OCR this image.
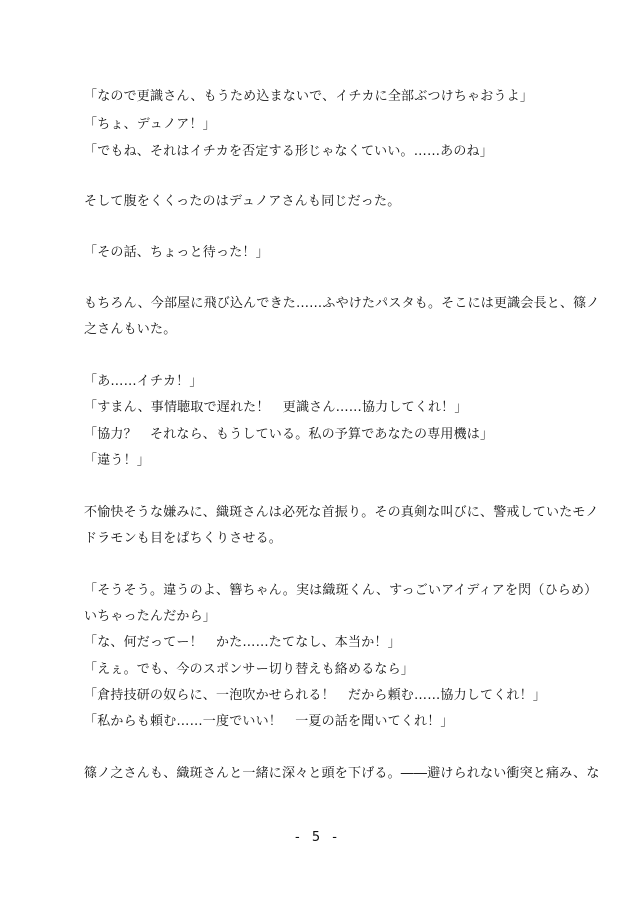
「なので更識さん、もうため込まないで、イチカに全部ぶつけちゃおうよ」
「ちょ、デュノア！」
「でもね、それはイチカを否定する形じゃなくていい。……あのね」
そして腹をくくったのはデュノアさんも同じだった。
「その話、ちょっと待った！」
もちろん、今部屋に飛び込んできた……ふやけたパスタも。そこには更識会長と、篠ノ
之さんもいた。
「あ……イチカ！」
「すまん、事情聴取で遅れた！　更識さん……協力してくれ！」
「協力？　それなら、もうしている。私の予算であなたの専用機は」
「違う！」
不愉快そうな嫌みに、織斑さんは必死な首振り。その真剣な叫びに、警戒していたモノ
ドラモンも目をぱちくりさせる。
「そうそう。違うのよ、簪ちゃん。実は織斑くん、すっごいアイディアを閃（ひらめ）
いちゃったんだから」
「な、何だってー！　かた……たてなし、本当か！」
「えぇ。でも、今のスポンサー切り替えも絡めるなら」
「倉持技研の奴らに、一泡吹かせられる！　だから頼む……協力してくれ！」
「私からも頼む……一度でいい！　一夏の話を聞いてくれ！」
篠ノ之さんも、織斑さんと一緒に深々と頭を下げる。――避けられない衝突と痛み、な
- 5 -
